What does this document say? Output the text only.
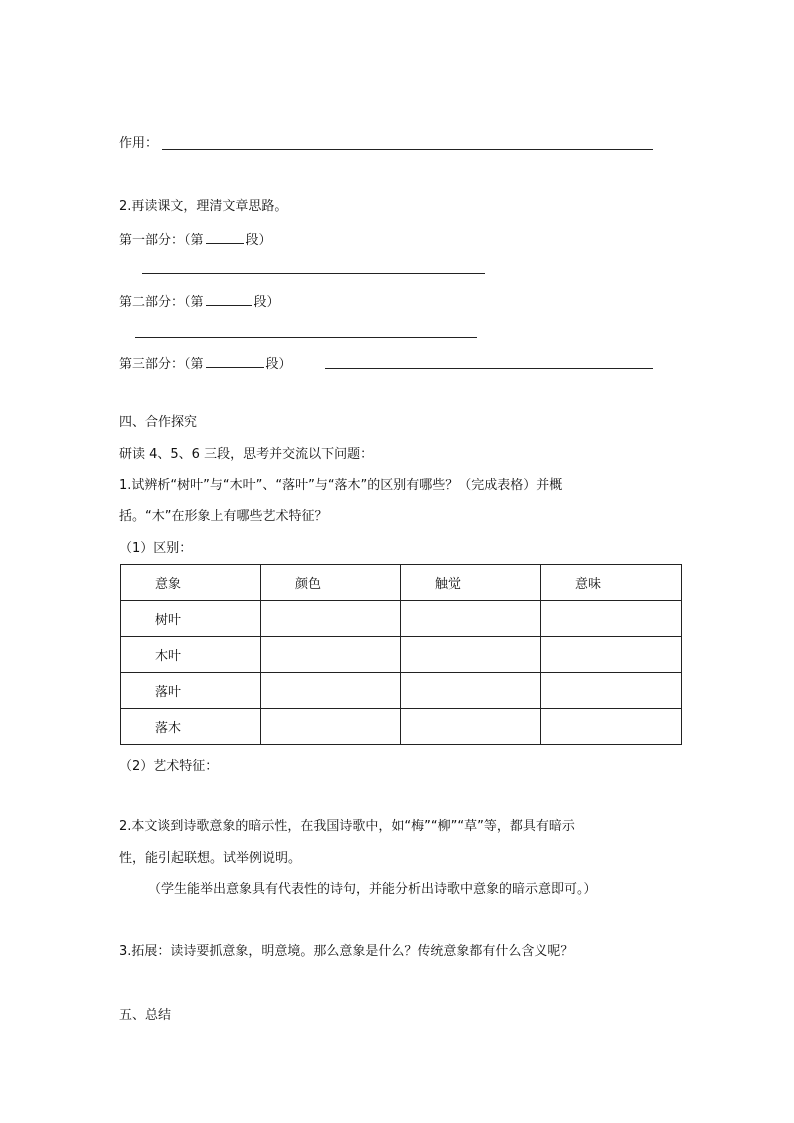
作用：
2.再读课文，理清文章思路。
第一部分：（第	段）
第二部分：（第	段）
第三部分：（第	段）
四、合作探究
研读 4、5、6 三段，思考并交流以下问题：
1.试辨析“树叶”与“木叶”、“落叶”与“落木”的区别有哪些？（完成表格）并概
括。“木”在形象上有哪些艺术特征？
（1）区别：
意象	颜色	触觉	意味

树叶			

木叶			

落叶			

落木			

（2）艺术特征：
2.本文谈到诗歌意象的暗示性，在我国诗歌中，如“梅”“柳”“草”等，都具有暗示
性，能引起联想。试举例说明。
（学生能举出意象具有代表性的诗句，并能分析出诗歌中意象的暗示意即可。）
3.拓展：读诗要抓意象，明意境。那么意象是什么？传统意象都有什么含义呢？
五、总结
